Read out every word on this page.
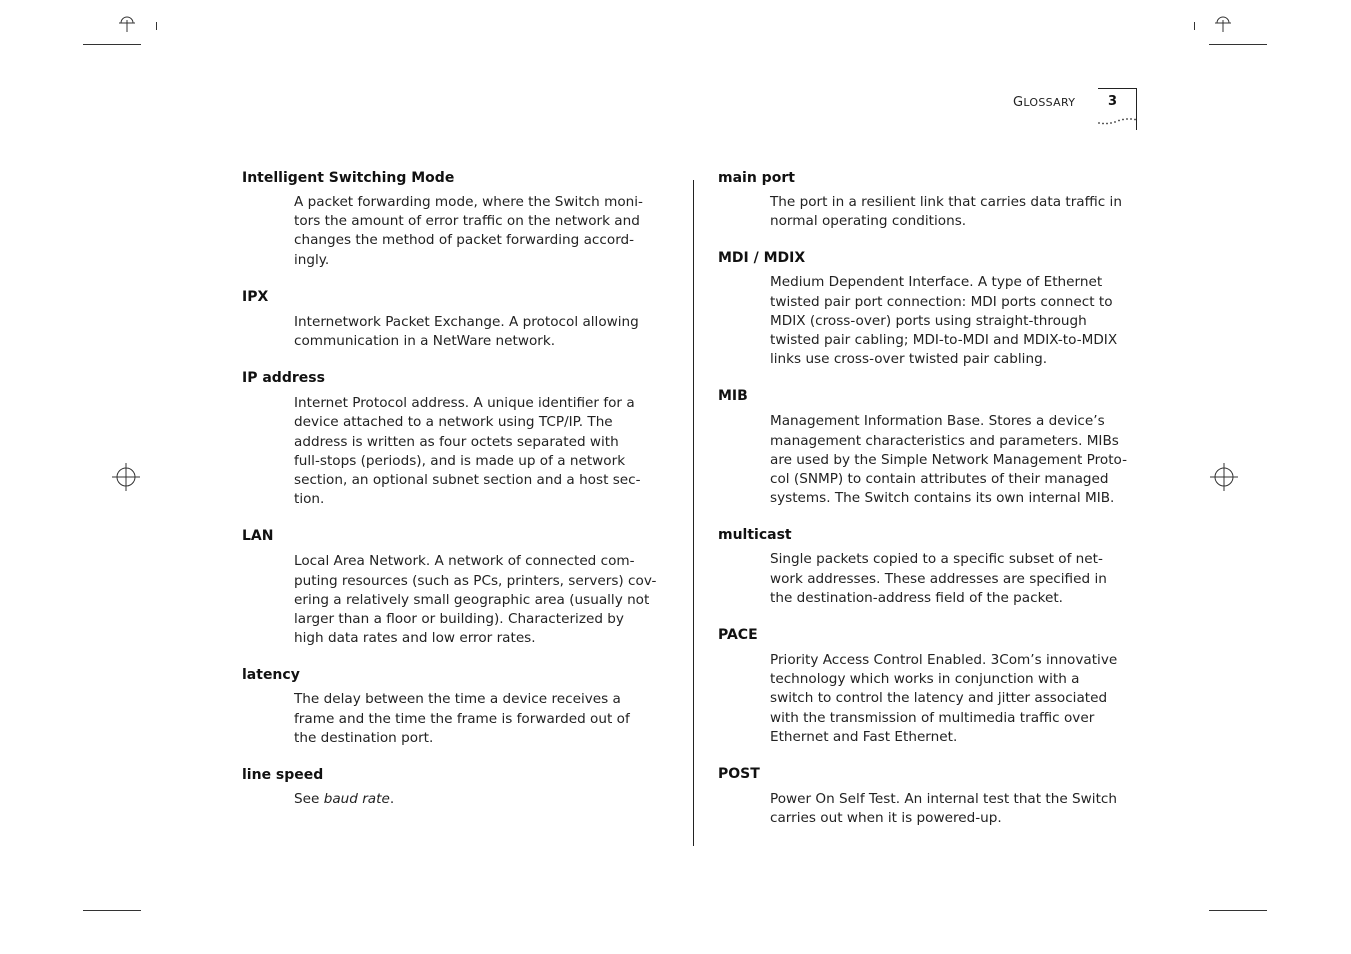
GLOSSARY	3

Intelligent Switching Mode

A packet forwarding mode, where the Switch moni-
tors the amount of error traffic on the network and
changes the method of packet forwarding accord-
ingly.

IPX

Internetwork Packet Exchange. A protocol allowing
communication in a NetWare network.

IP address

Internet Protocol address. A unique identifier for a
device attached to a network using TCP/IP. The
address is written as four octets separated with
full-stops (periods), and is made up of a network
section, an optional subnet section and a host sec-
tion.

LAN

Local Area Network. A network of connected com-
puting resources (such as PCs, printers, servers) cov-
ering a relatively small geographic area (usually not
larger than a floor or building). Characterized by
high data rates and low error rates.

latency

The delay between the time a device receives a
frame and the time the frame is forwarded out of
the destination port.

line speed

See baud rate.

main port

The port in a resilient link that carries data traffic in
normal operating conditions.

MDI / MDIX

Medium Dependent Interface. A type of Ethernet
twisted pair port connection: MDI ports connect to
MDIX (cross-over) ports using straight-through
twisted pair cabling; MDI-to-MDI and MDIX-to-MDIX
links use cross-over twisted pair cabling.

MIB

Management Information Base. Stores a device’s
management characteristics and parameters. MIBs
are used by the Simple Network Management Proto-
col (SNMP) to contain attributes of their managed
systems. The Switch contains its own internal MIB.

multicast

Single packets copied to a specific subset of net-
work addresses. These addresses are specified in
the destination-address field of the packet.

PACE

Priority Access Control Enabled. 3Com’s innovative
technology which works in conjunction with a
switch to control the latency and jitter associated
with the transmission of multimedia traffic over
Ethernet and Fast Ethernet.

POST

Power On Self Test. An internal test that the Switch
carries out when it is powered-up.
